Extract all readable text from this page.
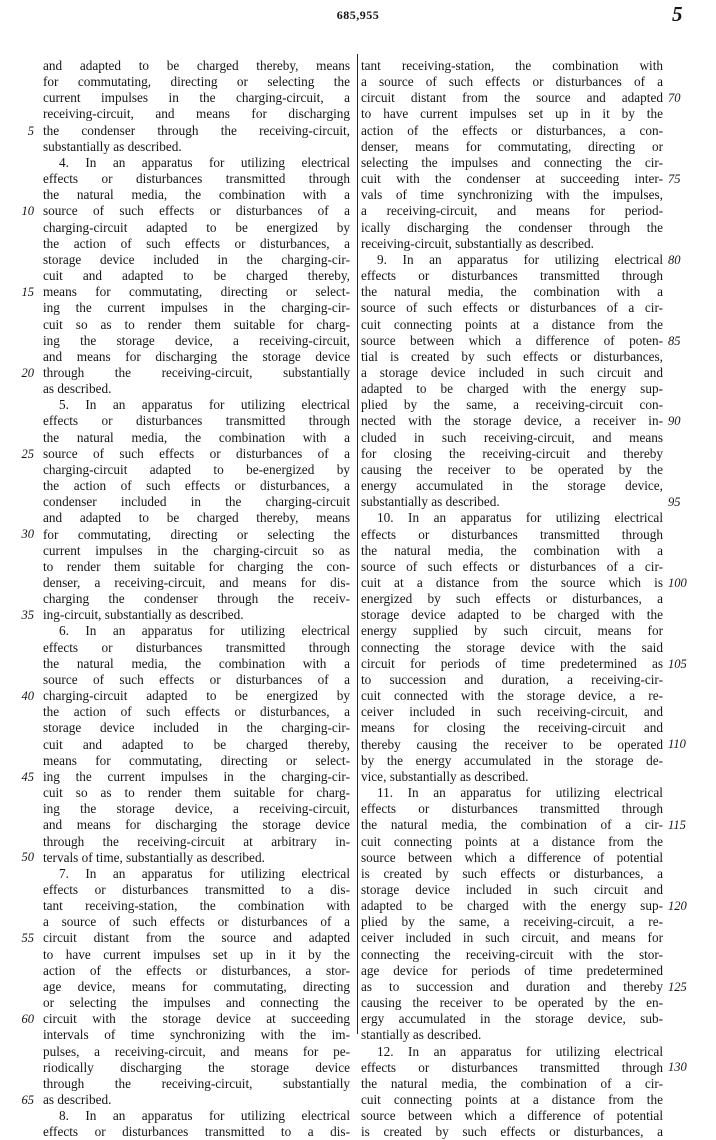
685,955	5
and adapted to be charged thereby, means
for commutating, directing or selecting the
current impulses in the charging-circuit, a
receiving-circuit, and means for discharging
the condenser through the receiving-circuit,
substantially as described.
4. In an apparatus for utilizing electrical
effects or disturbances transmitted through
the natural media, the combination with a
source of such effects or disturbances of a
charging-circuit adapted to be energized by
the action of such effects or disturbances, a
storage device included in the charging-cir-
cuit and adapted to be charged thereby,
means for commutating, directing or select-
ing the current impulses in the charging-cir-
cuit so as to render them suitable for charg-
ing the storage device, a receiving-circuit,
and means for discharging the storage device
through the receiving-circuit, substantially
as described.
5. In an apparatus for utilizing electrical
effects or disturbances transmitted through
the natural media, the combination with a
source of such effects or disturbances of a
charging-circuit adapted to be-energized by
the action of such effects or disturbances, a
condenser included in the charging-circuit
and adapted to be charged thereby, means
for commutating, directing or selecting the
current impulses in the charging-circuit so as
to render them suitable for charging the con-
denser, a receiving-circuit, and means for dis-
charging the condenser through the receiv-
ing-circuit, substantially as described.
6. In an apparatus for utilizing electrical
effects or disturbances transmitted through
the natural media, the combination with a
source of such effects or disturbances of a
charging-circuit adapted to be energized by
the action of such effects or disturbances, a
storage device included in the charging-cir-
cuit and adapted to be charged thereby,
means for commutating, directing or select-
ing the current impulses in the charging-cir-
cuit so as to render them suitable for charg-
ing the storage device, a receiving-circuit,
and means for discharging the storage device
through the receiving-circuit at arbitrary in-
tervals of time, substantially as described.
7. In an apparatus for utilizing electrical
effects or disturbances transmitted to a dis-
tant receiving-station, the combination with
a source of such effects or disturbances of a
circuit distant from the source and adapted
to have current impulses set up in it by the
action of the effects or disturbances, a stor-
age device, means for commutating, directing
or selecting the impulses and connecting the
circuit with the storage device at succeeding
intervals of time synchronizing with the im-
pulses, a receiving-circuit, and means for pe-
riodically discharging the storage device
through the receiving-circuit, substantially
as described.
8. In an apparatus for utilizing electrical
effects or disturbances transmitted to a dis-
tant receiving-station, the combination with
a source of such effects or disturbances of a
circuit distant from the source and adapted
to have current impulses set up in it by the
action of the effects or disturbances, a con-
denser, means for commutating, directing or
selecting the impulses and connecting the cir-
cuit with the condenser at succeeding inter-
vals of time synchronizing with the impulses,
a receiving-circuit, and means for period-
ically discharging the condenser through the
receiving-circuit, substantially as described.
9. In an apparatus for utilizing electrical
effects or disturbances transmitted through
the natural media, the combination with a
source of such effects or disturbances of a cir-
cuit connecting points at a distance from the
source between which a difference of poten-
tial is created by such effects or disturbances,
a storage device included in such circuit and
adapted to be charged with the energy sup-
plied by the same, a receiving-circuit con-
nected with the storage device, a receiver in-
cluded in such receiving-circuit, and means
for closing the receiving-circuit and thereby
causing the receiver to be operated by the
energy accumulated in the storage device,
substantially as described.
10. In an apparatus for utilizing electrical
effects or disturbances transmitted through
the natural media, the combination with a
source of such effects or disturbances of a cir-
cuit at a distance from the source which is
energized by such effects or disturbances, a
storage device adapted to be charged with the
energy supplied by such circuit, means for
connecting the storage device with the said
circuit for periods of time predetermined as
to succession and duration, a receiving-cir-
cuit connected with the storage device, a re-
ceiver included in such receiving-circuit, and
means for closing the receiving-circuit and
thereby causing the receiver to be operated
by the energy accumulated in the storage de-
vice, substantially as described.
11. In an apparatus for utilizing electrical
effects or disturbances transmitted through
the natural media, the combination of a cir-
cuit connecting points at a distance from the
source between which a difference of potential
is created by such effects or disturbances, a
storage device included in such circuit and
adapted to be charged with the energy sup-
plied by the same, a receiving-circuit, a re-
ceiver included in such circuit, and means for
connecting the receiving-circuit with the stor-
age device for periods of time predetermined
as to succession and duration and thereby
causing the receiver to be operated by the en-
ergy accumulated in the storage device, sub-
stantially as described.
12. In an apparatus for utilizing electrical
effects or disturbances transmitted through
the natural media, the combination of a cir-
cuit connecting points at a distance from the
source between which a difference of potential
is created by such effects or disturbances, a
5
10
15
20
25
30
35
40
45
50
55
60
65
70
75
80
85
90
95
100
105
110
115
120
125
130
